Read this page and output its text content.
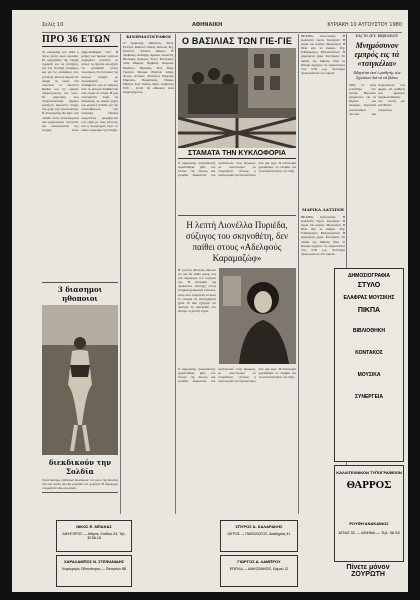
Σελίς 10	ΑΘΗΝΑΙΚΗ	ΚΥΡΙΑΚΗ 10 ΑΥΓΟΥΣΤΟΥ 1980
ΠΡΟ 36 ΕΤΩΝ
Το καλοκαίρι του 1944 η πόλις ζούσε ώρες αγωνίας. Οι εφημερίδες της εποχής έγραφαν για τις επιτάξεις, για την έλλειψη τροφίμων και για τις συλλήψεις στις γειτονιές. Πολλοί θυμούνται ακόμη τις ουρές στα συσσίτια, τα σκοτεινά βράδια και τις κρυφές συγκεντρώσεις των νέων. Οι μαρτυρίες που συγκεντρώνουμε σήμερα φωτίζουν άγνωστες πτυχές της ζωής της πρωτευούσης. Ο αναγνώστης θα βρει στη σελίδα αυτή αποσπάσματα από ημερολόγια, επιστολές και ανακοινώσεις της εποχής, όπως δημοσιεύθηκαν τότε. Η μνήμη των ημερών εκείνων παραμένει ζωντανή σε όσους τις έζησαν και αξίζει να μεταδοθεί στους νεωτέρους. Οι συνοικίες της πόλεως γέμιζαν με προκηρύξεις και συνθήματα, ενώ οι ειδήσεις από τα μέτωπα διαδίδονταν από στόμα σε στόμα. Η ζωή συνεχιζόταν παρά τις δυσκολίες, με μικρές χαρές και μεγάλες ελπίδες για την απελευθέρωση που πλησίαζε. Πολλές οικογένειες μοιράζονταν ό,τι είχαν με τους γείτονες, και η αλληλεγγύη έγινε το κύριο γνώρισμα της εποχής.
3 διασημοι ηθοποιοι
διεκδικούν την Σολδία
Τρεις διάσημοι ηθοποιοί διεκδικούν τον ρόλο της Σολδίας στη νέα ταινία που θα γυρισθεί τον χειμώνα. Η παραγωγή ετοιμάζεται εδώ και μήνες.
ΚΙΝΗΜΑΤΟΓΡΑΦΟΙ
Α' προβολής: Αθήναιον, Άστυ, Ελληνίς, Κάπιτολ, Όασις, Παλλάς, Ρεξ, Σπλέντιτ, Τιτάνια, Ωδείον. Β' προβολής: Αλκαζάρ, Αμαλία, Ατλαντίς, Βικτώρια, Ζέφυρος, Ίλιον, Κεντρικόν, Λαΐς, Μαρίνα, Νιρβάνα, Ολύμπια, Πάνθεον, Πρόοδος, Σινέ Παρί, Τριανόν, Φλώρα. Θερινοί: Αίγλη, Άλσος, Αττικόν, Ζαππείου, Κηφισιά, Μαρούσι, Παράδεισος, Πλάκα, Ριβιέρα, Σινέ Ζεφύρ. Ώρες προβολής: 8.30 - 10.45. Οι αίθουσες είναι κλιματιζόμενες.
Ο ΒΑΣΙΛΙΑΣ ΤΩΝ ΓΙΕ-ΓΙΕ
ΣΤΑΜΑΤΑ ΤΗΝ ΚΥΚΛΟΦΟΡΙΑ
Ο δημοφιλής τραγουδιστής εμφανίσθηκε χθες στο κέντρο της πόλεως και χιλιάδες θαυμαστές του κατέκλυσαν τους δρόμους, με αποτέλεσμα να σταματήσει εντελώς η κυκλοφορία για περισσότερο από μία ώρα. Η αστυνομία χρειάσθηκε να επέμβει για να αποκαταστήσει την τάξη.
Η λεπτή Λιονέλλα Πυριέδα, σύζυγος του σκηνοθέτη, δεν παίθει στους «Αδελφούς Καραμαζώφ»
Η γνωστή ηθοποιός δήλωσε ότι δεν θα λάβει μέρος στη νέα παραγωγή του συζύγου της. Η απόφασή της προκάλεσε έκπληξη στους κινηματογραφικούς κύκλους, όπου όλοι περίμεναν να δουν το ζευγάρι να συνεργάζεται ξανά. Η ίδια εξήγησε ότι προτιμά να αφιερωθεί στο θέατρο τη φετινή σεζόν.
Ο δημοφιλής τραγουδιστής εμφανίσθηκε χθες στο κέντρο της πόλεως και χιλιάδες θαυμαστές του κατέκλυσαν τους δρόμους, με αποτέλεσμα να σταματήσει εντελώς η κυκλοφορία για περισσότερο από μία ώρα. Η αστυνομία χρειάσθηκε να επέμβει για να αποκαταστήσει την τάξη.
ΘΕΑΤΡΑ. Κοτοπούλη: Η δωδεκάτη νύχτα. Κατερίνα: Η κυρία του κυρίου. Μουσούρη: Η Θεία από το Σικάγο. Ρεξ: Επιθεώρησις. Μετροπόλιταν: Η χαρούμενη χήρα. Κεντρικόν: Τα παιδιά της Αθήνας. Όλα τα θέατρα αρχίζουν τις παραστάσεις στις 9.30 μ.μ. Εισιτήρια προπωλούνται στα ταμεία.
ΜΑΡΙΚΑ ΛΑΤΣΙΝΗ
ΘΕΑΤΡΑ. Κοτοπούλη: Η δωδεκάτη νύχτα. Κατερίνα: Η κυρία του κυρίου. Μουσούρη: Η Θεία από το Σικάγο. Ρεξ: Επιθεώρησις. Μετροπόλιταν: Η χαρούμενη χήρα. Κεντρικόν: Τα παιδιά της Αθήνας. Όλα τα θέατρα αρχίζουν τις παραστάσεις στις 9.30 μ.μ. Εισιτήρια προπωλούνται στα ταμεία.
Εις τό Δ/τ. Βερολίνον
Μνημόσυνον εμπρός εις τά «τσιγκέλια»
Ωδηγείται έκεί ό μαθητής τών Σχολείων διά νά νά βλέπει
Χθες το πρωί τελέσθηκε στο Δυτικό Βερολίνο μνημόσυνο για τα θύματα του πολέμου, παρουσία εκατοντάδων πολιτών και εκπροσώπων των αρχών. Οι μαθητές των σχολείων παρακολούθησαν την τελετή και κατέθεσαν στεφάνους.
ΔΗΜΟΣΙΟΓΡΑΦΙΑ
ΣΤΥΛΟ
ΕΛΑΦΡΑΣ ΜΟΥΣΙΚΗΣ
ΠΙΚΠΑ
ΒΙΒΛΙΟΘΗΚΗ
ΚΟΝΤΑΚΟΣ
ΜΟΥΣΙΚΑ
ΣΥΝΕΡΓΕΙΑ
ΚΑΛΛΙΤΕΧΝΙΚΟΝ ΤΥΠΟΓΡΑΦΕΙΟΝ
ΘΑΡΡΟΣ
ΡΟΥΦΗ ΑΝΑΚΑΙΝΟΣ
ΑΓΙΑΣ 32 — ΑΘΗΝΑ — Τηλ. 36.53
Πίνετε μόνον ΖΟΥΡΩΤΗ
ΝΙΚΟΣ Ε. ΜΠΑΚΑΣ
ΔΙΚΗΓΟΡΟΣ — Αθήναι, Σταδίου 24, Τηλ. 32.56.18
ΧΑΡΑΛΑΜΠΟΣ Ν. ΣΤΕΦΑΝΙΔΗΣ
Χειρουργός Οδοντίατρος — Πατησίων 88
ΣΠΥΡΟΣ Α. ΚΑΛΑΡΑΚΗΣ
ΙΑΤΡΟΣ — ΠΑΘΟΛΟΓΟΣ, Ακαδημίας 41
ΓΙΩΡΓΟΣ Δ. ΛΑΜΠΡΟΥ
ΕΠΙΠΛΑ — ΔΙΑΚΟΣΜΗΣΙΣ, Ερμού 12
